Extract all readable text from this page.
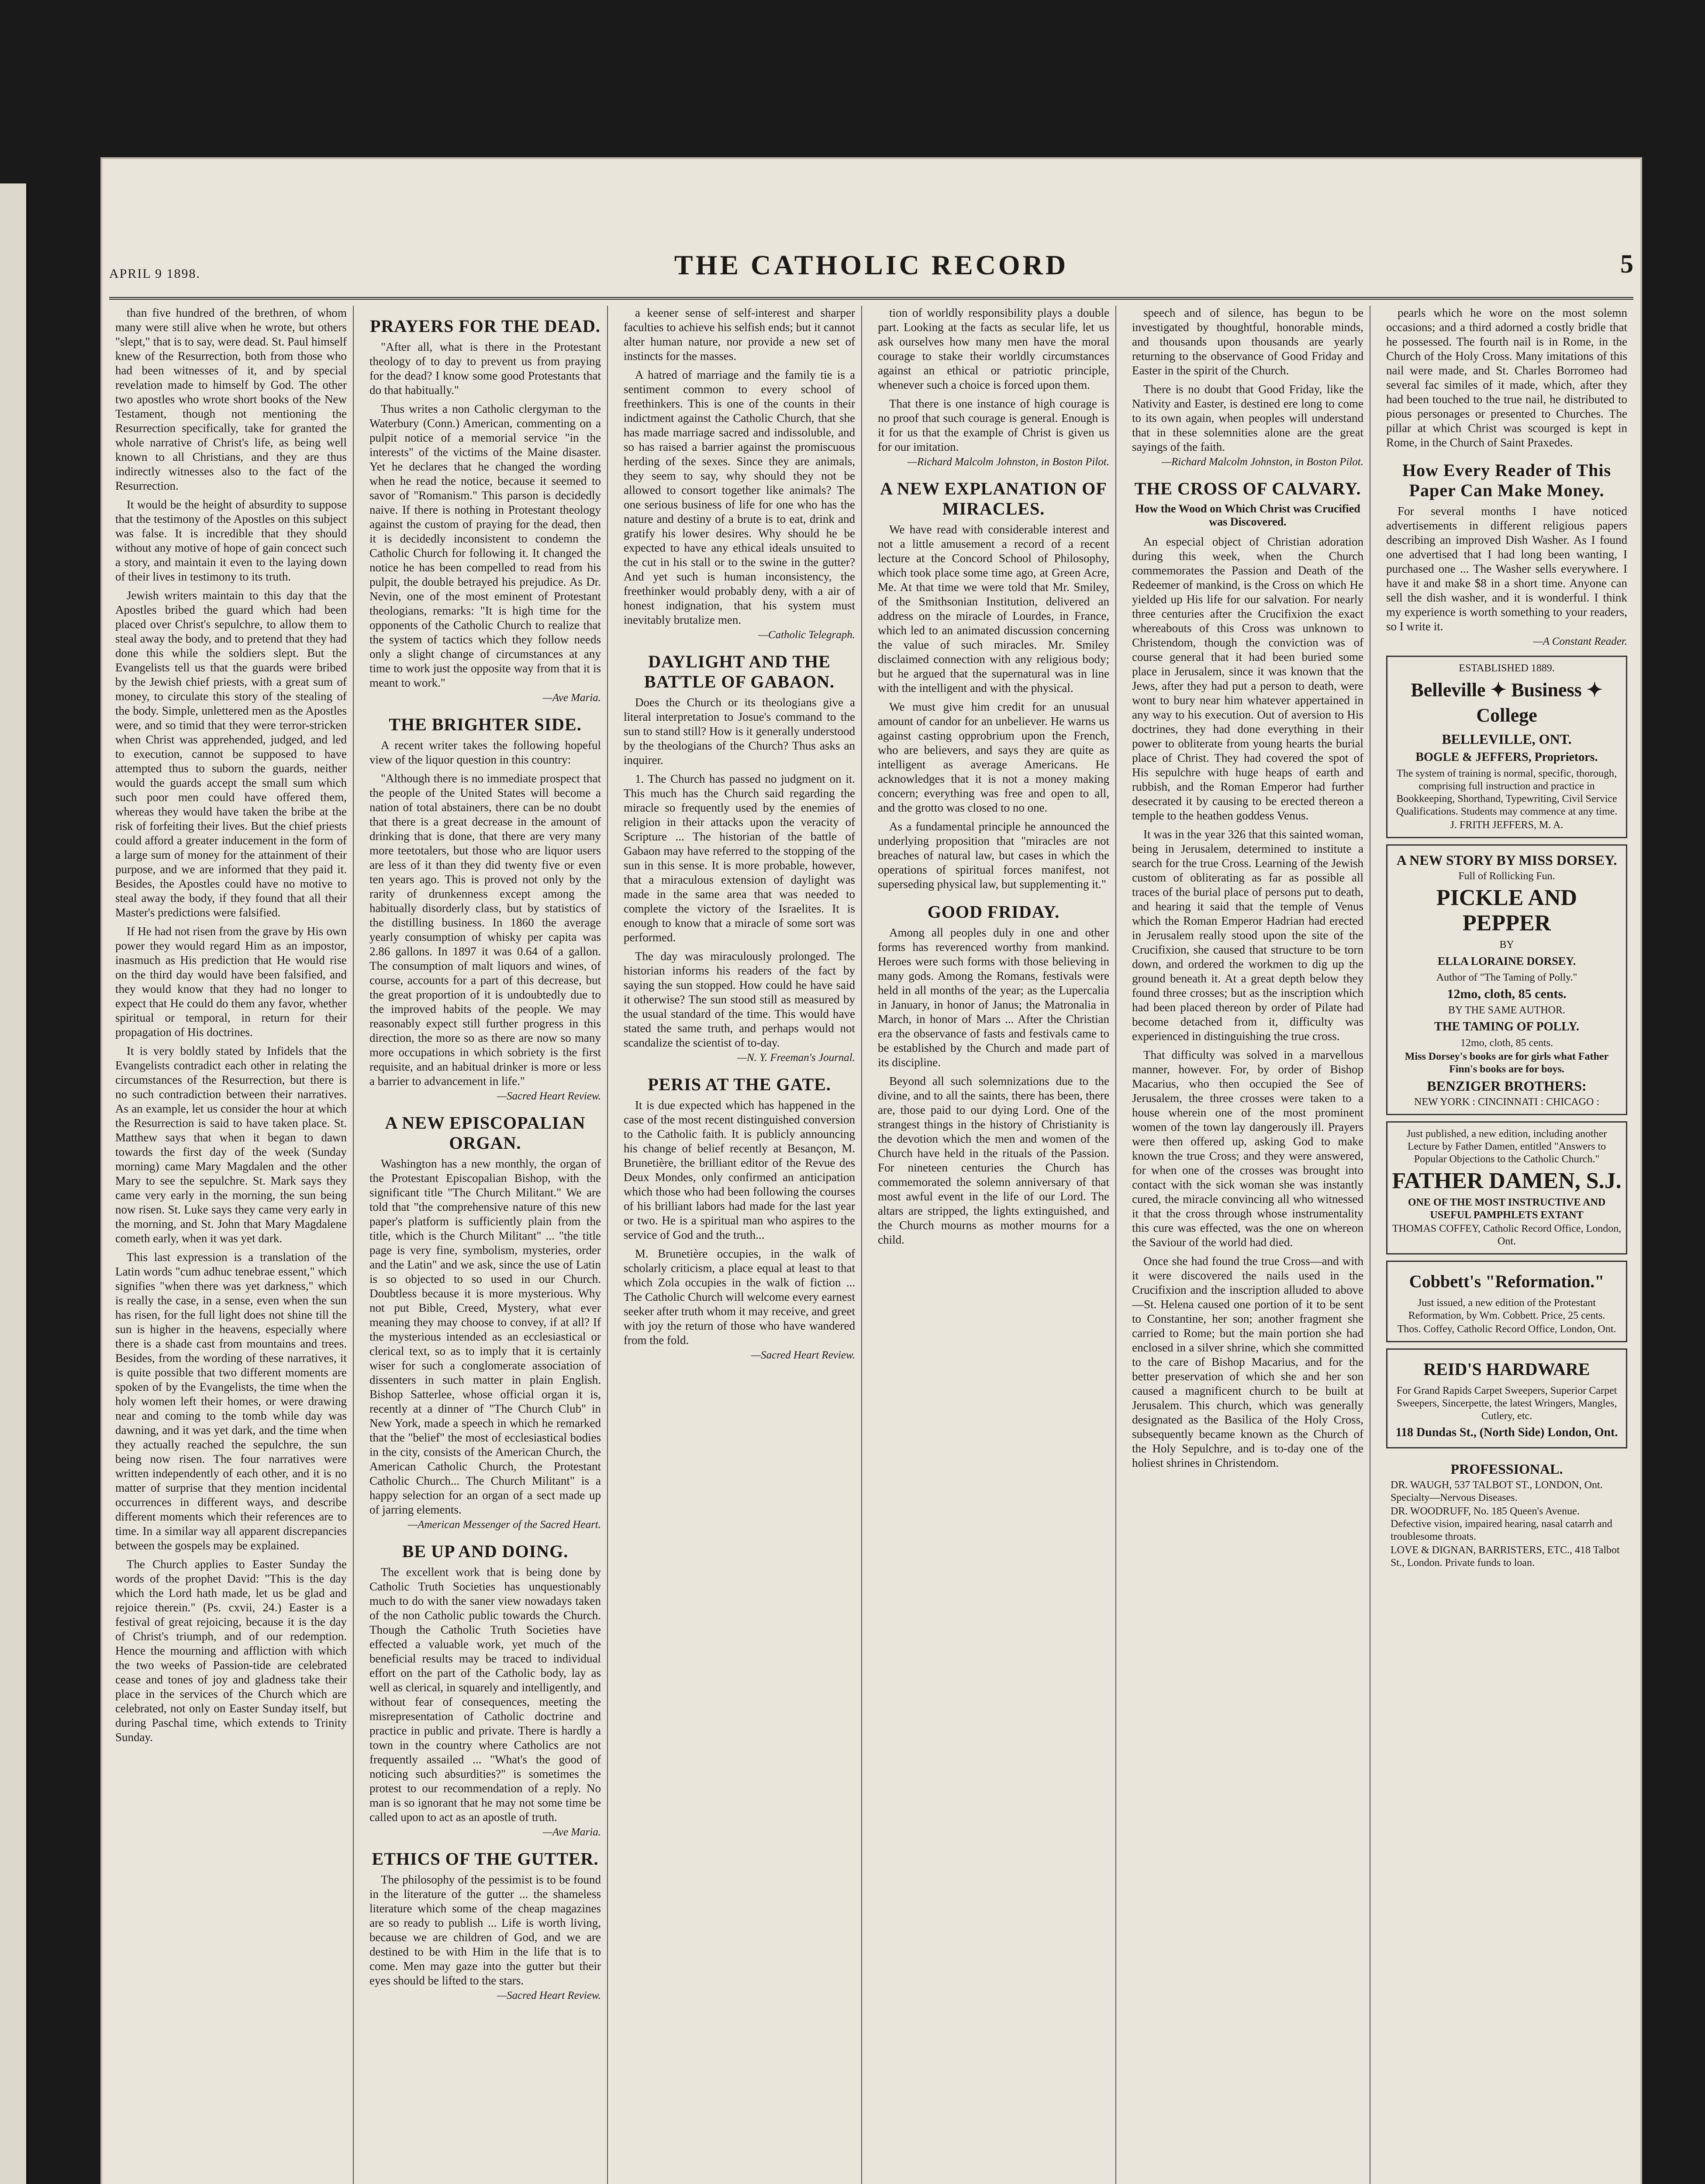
APRIL 9 1898.	THE CATHOLIC RECORD	5

than five hundred of the brethren, of whom many were still alive when he wrote, but others "slept," that is to say, were dead. St. Paul himself knew of the Resurrection, both from those who had been witnesses of it, and by special revelation made to himself by God. The other two apostles who wrote short books of the New Testament, though not mentioning the Resurrection specifically, take for granted the whole narrative of Christ's life, as being well known to all Christians, and they are thus indirectly witnesses also to the fact of the Resurrection.

It would be the height of absurdity to suppose that the testimony of the Apostles on this subject was false. It is incredible that they should without any motive of hope of gain concect such a story, and maintain it even to the laying down of their lives in testimony to its truth.

Jewish writers maintain to this day that the Apostles bribed the guard which had been placed over Christ's sepulchre, to allow them to steal away the body, and to pretend that they had done this while the soldiers slept. But the Evangelists tell us that the guards were bribed by the Jewish chief priests, with a great sum of money, to circulate this story of the stealing of the body. Simple, unlettered men as the Apostles were, and so timid that they were terror-stricken when Christ was apprehended, judged, and led to execution, cannot be supposed to have attempted thus to suborn the guards, neither would the guards accept the small sum which such poor men could have offered them, whereas they would have taken the bribe at the risk of forfeiting their lives. But the chief priests could afford a greater inducement in the form of a large sum of money for the attainment of their purpose, and we are informed that they paid it. Besides, the Apostles could have no motive to steal away the body, if they found that all their Master's predictions were falsified.

If He had not risen from the grave by His own power they would regard Him as an impostor, inasmuch as His prediction that He would rise on the third day would have been falsified, and they would know that they had no longer to expect that He could do them any favor, whether spiritual or temporal, in return for their propagation of His doctrines.

It is very boldly stated by Infidels that the Evangelists contradict each other in relating the circumstances of the Resurrection, but there is no such contradiction between their narratives. As an example, let us consider the hour at which the Resurrection is said to have taken place. St. Matthew says that when it began to dawn towards the first day of the week (Sunday morning) came Mary Magdalen and the other Mary to see the sepulchre. St. Mark says they came very early in the morning, the sun being now risen. St. Luke says they came very early in the morning, and St. John that Mary Magdalene cometh early, when it was yet dark.

This last expression is a translation of the Latin words "cum adhuc tenebrae essent," which signifies "when there was yet darkness," which is really the case, in a sense, even when the sun has risen, for the full light does not shine till the sun is higher in the heavens, especially where there is a shade cast from mountains and trees. Besides, from the wording of these narratives, it is quite possible that two different moments are spoken of by the Evangelists, the time when the holy women left their homes, or were drawing near and coming to the tomb while day was dawning, and it was yet dark, and the time when they actually reached the sepulchre, the sun being now risen. The four narratives were written independently of each other, and it is no matter of surprise that they mention incidental occurrences in different ways, and describe different moments which their references are to time. In a similar way all apparent discrepancies between the gospels may be explained.

The Church applies to Easter Sunday the words of the prophet David: "This is the day which the Lord hath made, let us be glad and rejoice therein." (Ps. cxvii, 24.) Easter is a festival of great rejoicing, because it is the day of Christ's triumph, and of our redemption. Hence the mourning and affliction with which the two weeks of Passion-tide are celebrated cease and tones of joy and gladness take their place in the services of the Church which are celebrated, not only on Easter Sunday itself, but during Paschal time, which extends to Trinity Sunday.

PRAYERS FOR THE DEAD.

"After all, what is there in the Protestant theology of to day to prevent us from praying for the dead? I know some good Protestants that do that habitually."

Thus writes a non Catholic clergyman to the Waterbury (Conn.) American, commenting on a pulpit notice of a memorial service "in the interests" of the victims of the Maine disaster. Yet he declares that he changed the wording when he read the notice, because it seemed to savor of "Romanism." This parson is decidedly naive. If there is nothing in Protestant theology against the custom of praying for the dead, then it is decidedly inconsistent to condemn the Catholic Church for following it. It changed the notice he has been compelled to read from his pulpit, the double betrayed his prejudice. As Dr. Nevin, one of the most eminent of Protestant theologians, remarks: "It is high time for the opponents of the Catholic Church to realize that the system of tactics which they follow needs only a slight change of circumstances at any time to work just the opposite way from that it is meant to work."

—Ave Maria.
THE BRIGHTER SIDE.

A recent writer takes the following hopeful view of the liquor question in this country:

"Although there is no immediate prospect that the people of the United States will become a nation of total abstainers, there can be no doubt that there is a great decrease in the amount of drinking that is done, that there are very many more teetotalers, but those who are liquor users are less of it than they did twenty five or even ten years ago. This is proved not only by the rarity of drunkenness except among the habitually disorderly class, but by statistics of the distilling business. In 1860 the average yearly consumption of whisky per capita was 2.86 gallons. In 1897 it was 0.64 of a gallon. The consumption of malt liquors and wines, of course, accounts for a part of this decrease, but the great proportion of it is undoubtedly due to the improved habits of the people. We may reasonably expect still further progress in this direction, the more so as there are now so many more occupations in which sobriety is the first requisite, and an habitual drinker is more or less a barrier to advancement in life."

—Sacred Heart Review.
A NEW EPISCOPALIAN ORGAN.

Washington has a new monthly, the organ of the Protestant Episcopalian Bishop, with the significant title "The Church Militant." We are told that "the comprehensive nature of this new paper's platform is sufficiently plain from the title, which is the Church Militant" ... "the title page is very fine, symbolism, mysteries, order and the Latin" and we ask, since the use of Latin is so objected to so used in our Church. Doubtless because it is more mysterious. Why not put Bible, Creed, Mystery, what ever meaning they may choose to convey, if at all? If the mysterious intended as an ecclesiastical or clerical text, so as to imply that it is certainly wiser for such a conglomerate association of dissenters in such matter in plain English. Bishop Satterlee, whose official organ it is, recently at a dinner of "The Church Club" in New York, made a speech in which he remarked that the "belief" the most of ecclesiastical bodies in the city, consists of the American Church, the American Catholic Church, the Protestant Catholic Church... The Church Militant" is a happy selection for an organ of a sect made up of jarring elements.

—American Messenger of the Sacred Heart.
BE UP AND DOING.

The excellent work that is being done by Catholic Truth Societies has unquestionably much to do with the saner view nowadays taken of the non Catholic public towards the Church. Though the Catholic Truth Societies have effected a valuable work, yet much of the beneficial results may be traced to individual effort on the part of the Catholic body, lay as well as clerical, in squarely and intelligently, and without fear of consequences, meeting the misrepresentation of Catholic doctrine and practice in public and private. There is hardly a town in the country where Catholics are not frequently assailed ... "What's the good of noticing such absurdities?" is sometimes the protest to our recommendation of a reply. No man is so ignorant that he may not some time be called upon to act as an apostle of truth.

—Ave Maria.
ETHICS OF THE GUTTER.

The philosophy of the pessimist is to be found in the literature of the gutter ... the shameless literature which some of the cheap magazines are so ready to publish ... Life is worth living, because we are children of God, and we are destined to be with Him in the life that is to come. Men may gaze into the gutter but their eyes should be lifted to the stars.

—Sacred Heart Review.

a keener sense of self-interest and sharper faculties to achieve his selfish ends; but it cannot alter human nature, nor provide a new set of instincts for the masses.

A hatred of marriage and the family tie is a sentiment common to every school of freethinkers. This is one of the counts in their indictment against the Catholic Church, that she has made marriage sacred and indissoluble, and so has raised a barrier against the promiscuous herding of the sexes. Since they are animals, they seem to say, why should they not be allowed to consort together like animals? The one serious business of life for one who has the nature and destiny of a brute is to eat, drink and gratify his lower desires. Why should he be expected to have any ethical ideals unsuited to the cut in his stall or to the swine in the gutter? And yet such is human inconsistency, the freethinker would probably deny, with a air of honest indignation, that his system must inevitably brutalize men.

—Catholic Telegraph.
DAYLIGHT AND THE BATTLE OF GABAON.

Does the Church or its theologians give a literal interpretation to Josue's command to the sun to stand still? How is it generally understood by the theologians of the Church? Thus asks an inquirer.

1. The Church has passed no judgment on it. This much has the Church said regarding the miracle so frequently used by the enemies of religion in their attacks upon the veracity of Scripture ... The historian of the battle of Gabaon may have referred to the stopping of the sun in this sense. It is more probable, however, that a miraculous extension of daylight was made in the same area that was needed to complete the victory of the Israelites. It is enough to know that a miracle of some sort was performed.

The day was miraculously prolonged. The historian informs his readers of the fact by saying the sun stopped. How could he have said it otherwise? The sun stood still as measured by the usual standard of the time. This would have stated the same truth, and perhaps would not scandalize the scientist of to-day.

—N. Y. Freeman's Journal.
PERIS AT THE GATE.

It is due expected which has happened in the case of the most recent distinguished conversion to the Catholic faith. It is publicly announcing his change of belief recently at Besançon, M. Brunetière, the brilliant editor of the Revue des Deux Mondes, only confirmed an anticipation which those who had been following the courses of his brilliant labors had made for the last year or two. He is a spiritual man who aspires to the service of God and the truth...

M. Brunetière occupies, in the walk of scholarly criticism, a place equal at least to that which Zola occupies in the walk of fiction ... The Catholic Church will welcome every earnest seeker after truth whom it may receive, and greet with joy the return of those who have wandered from the fold.

—Sacred Heart Review.

tion of worldly responsibility plays a double part. Looking at the facts as secular life, let us ask ourselves how many men have the moral courage to stake their worldly circumstances against an ethical or patriotic principle, whenever such a choice is forced upon them.

That there is one instance of high courage is no proof that such courage is general. Enough is it for us that the example of Christ is given us for our imitation.

—Richard Malcolm Johnston, in Boston Pilot.
A NEW EXPLANATION OF MIRACLES.

We have read with considerable interest and not a little amusement a record of a recent lecture at the Concord School of Philosophy, which took place some time ago, at Green Acre, Me. At that time we were told that Mr. Smiley, of the Smithsonian Institution, delivered an address on the miracle of Lourdes, in France, which led to an animated discussion concerning the value of such miracles. Mr. Smiley disclaimed connection with any religious body; but he argued that the supernatural was in line with the intelligent and with the physical.

We must give him credit for an unusual amount of candor for an unbeliever. He warns us against casting opprobrium upon the French, who are believers, and says they are quite as intelligent as average Americans. He acknowledges that it is not a money making concern; everything was free and open to all, and the grotto was closed to no one.

As a fundamental principle he announced the underlying proposition that "miracles are not breaches of natural law, but cases in which the operations of spiritual forces manifest, not superseding physical law, but supplementing it."

GOOD FRIDAY.

Among all peoples duly in one and other forms has reverenced worthy from mankind. Heroes were such forms with those believing in many gods. Among the Romans, festivals were held in all months of the year; as the Lupercalia in January, in honor of Janus; the Matronalia in March, in honor of Mars ... After the Christian era the observance of fasts and festivals came to be established by the Church and made part of its discipline.

Beyond all such solemnizations due to the divine, and to all the saints, there has been, there are, those paid to our dying Lord. One of the strangest things in the history of Christianity is the devotion which the men and women of the Church have held in the rituals of the Passion. For nineteen centuries the Church has commemorated the solemn anniversary of that most awful event in the life of our Lord. The altars are stripped, the lights extinguished, and the Church mourns as mother mourns for a child.

speech and of silence, has begun to be investigated by thoughtful, honorable minds, and thousands upon thousands are yearly returning to the observance of Good Friday and Easter in the spirit of the Church.

There is no doubt that Good Friday, like the Nativity and Easter, is destined ere long to come to its own again, when peoples will understand that in these solemnities alone are the great sayings of the faith.

—Richard Malcolm Johnston, in Boston Pilot.
THE CROSS OF CALVARY.
How the Wood on Which Christ was Crucified was Discovered.

An especial object of Christian adoration during this week, when the Church commemorates the Passion and Death of the Redeemer of mankind, is the Cross on which He yielded up His life for our salvation. For nearly three centuries after the Crucifixion the exact whereabouts of this Cross was unknown to Christendom, though the conviction was of course general that it had been buried some place in Jerusalem, since it was known that the Jews, after they had put a person to death, were wont to bury near him whatever appertained in any way to his execution. Out of aversion to His doctrines, they had done everything in their power to obliterate from young hearts the burial place of Christ. They had covered the spot of His sepulchre with huge heaps of earth and rubbish, and the Roman Emperor had further desecrated it by causing to be erected thereon a temple to the heathen goddess Venus.

It was in the year 326 that this sainted woman, being in Jerusalem, determined to institute a search for the true Cross. Learning of the Jewish custom of obliterating as far as possible all traces of the burial place of persons put to death, and hearing it said that the temple of Venus which the Roman Emperor Hadrian had erected in Jerusalem really stood upon the site of the Crucifixion, she caused that structure to be torn down, and ordered the workmen to dig up the ground beneath it. At a great depth below they found three crosses; but as the inscription which had been placed thereon by order of Pilate had become detached from it, difficulty was experienced in distinguishing the true cross.

That difficulty was solved in a marvellous manner, however. For, by order of Bishop Macarius, who then occupied the See of Jerusalem, the three crosses were taken to a house wherein one of the most prominent women of the town lay dangerously ill. Prayers were then offered up, asking God to make known the true Cross; and they were answered, for when one of the crosses was brought into contact with the sick woman she was instantly cured, the miracle convincing all who witnessed it that the cross through whose instrumentality this cure was effected, was the one on whereon the Saviour of the world had died.

Once she had found the true Cross—and with it were discovered the nails used in the Crucifixion and the inscription alluded to above—St. Helena caused one portion of it to be sent to Constantine, her son; another fragment she carried to Rome; but the main portion she had enclosed in a silver shrine, which she committed to the care of Bishop Macarius, and for the better preservation of which she and her son caused a magnificent church to be built at Jerusalem. This church, which was generally designated as the Basilica of the Holy Cross, subsequently became known as the Church of the Holy Sepulchre, and is to-day one of the holiest shrines in Christendom.

pearls which he wore on the most solemn occasions; and a third adorned a costly bridle that he possessed. The fourth nail is in Rome, in the Church of the Holy Cross. Many imitations of this nail were made, and St. Charles Borromeo had several fac similes of it made, which, after they had been touched to the true nail, he distributed to pious personages or presented to Churches. The pillar at which Christ was scourged is kept in Rome, in the Church of Saint Praxedes.

How Every Reader of This Paper Can Make Money.

For several months I have noticed advertisements in different religious papers describing an improved Dish Washer. As I found one advertised that I had long been wanting, I purchased one ... The Washer sells everywhere. I have it and make $8 in a short time. Anyone can sell the dish washer, and it is wonderful. I think my experience is worth something to your readers, so I write it.

—A Constant Reader.
ESTABLISHED 1889.
Belleville ✦ Business ✦ College
BELLEVILLE, ONT.
BOGLE & JEFFERS, Proprietors.
The system of training is normal, specific, thorough, comprising full instruction and practice in Bookkeeping, Shorthand, Typewriting, Civil Service Qualifications. Students may commence at any time.
J. FRITH JEFFERS, M. A.
A NEW STORY BY MISS DORSEY.
Full of Rollicking Fun.
PICKLE AND PEPPER
BY
ELLA LORAINE DORSEY.
Author of "The Taming of Polly."
12mo, cloth, 85 cents.
BY THE SAME AUTHOR.
THE TAMING OF POLLY.
12mo, cloth, 85 cents.
Miss Dorsey's books are for girls what Father Finn's books are for boys.
BENZIGER BROTHERS:
NEW YORK : CINCINNATI : CHICAGO :
Just published, a new edition, including another Lecture by Father Damen, entitled "Answers to Popular Objections to the Catholic Church."
FATHER DAMEN, S.J.
ONE OF THE MOST INSTRUCTIVE AND USEFUL PAMPHLETS EXTANT
THOMAS COFFEY, Catholic Record Office, London, Ont.
Cobbett's "Reformation."
Just issued, a new edition of the Protestant Reformation, by Wm. Cobbett. Price, 25 cents.
Thos. Coffey, Catholic Record Office, London, Ont.
REID'S HARDWARE
For Grand Rapids Carpet Sweepers, Superior Carpet Sweepers, Sincerpette, the latest Wringers, Mangles, Cutlery, etc.
118 Dundas St., (North Side) London, Ont.
PROFESSIONAL.
DR. WAUGH, 537 TALBOT ST., LONDON, Ont. Specialty—Nervous Diseases.
DR. WOODRUFF, No. 185 Queen's Avenue. Defective vision, impaired hearing, nasal catarrh and troublesome throats.
LOVE & DIGNAN, BARRISTERS, ETC., 418 Talbot St., London. Private funds to loan.
